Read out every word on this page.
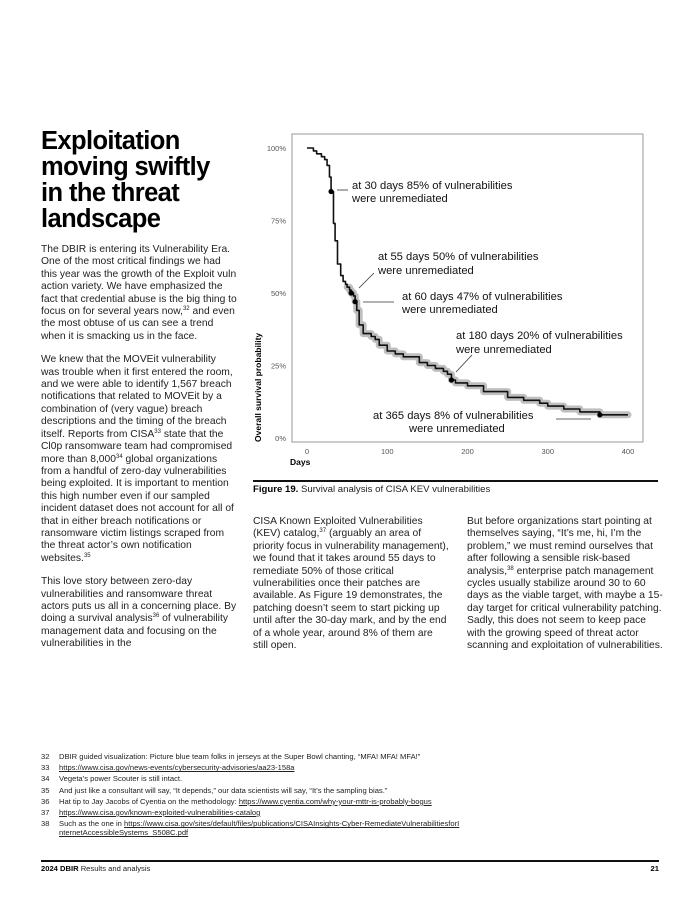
Exploitation
moving swiftly
in the threat
landscape

The DBIR is entering its Vulnerability Era. One of the most critical findings we had this year was the growth of the Exploit vuln action variety. We have emphasized the fact that credential abuse is the big thing to focus on for several years now,$^{32}$ and even the most obtuse of us can see a trend when it is smacking us in the face.

We knew that the MOVEit vulnerability was trouble when it first entered the room, and we were able to identify 1,567 breach notifications that related to MOVEit by a combination of (very vague) breach descriptions and the timing of the breach itself. Reports from CISA$^{33}$ state that the Cl0p ransomware team had compromised more than 8,000$^{34}$ global organizations from a handful of zero-day vulnerabilities being exploited. It is important to mention this high number even if our sampled incident dataset does not account for all of that in either breach notifications or ransomware victim listings scraped from the threat actor’s own notification websites.$^{35}$

This love story between zero-day vulnerabilities and ransomware threat actors puts us all in a concerning place. By doing a survival analysis$^{36}$ of vulnerability management data and focusing on the vulnerabilities in the

0%
25%
50%
75%
100%
0	100	200	300	400
Overall survival probability
Days
at 30 days 85% of vulnerabilities
were unremediated
at 55 days 50% of vulnerabilities
were unremediated
at 60 days 47% of vulnerabilities
were unremediated
at 180 days 20% of vulnerabilities
were unremediated
at 365 days 8% of vulnerabilities
were unremediated
Figure 19. Survival analysis of CISA KEV vulnerabilities

CISA Known Exploited Vulnerabilities (KEV) catalog,$^{37}$ (arguably an area of priority focus in vulnerability management), we found that it takes around 55 days to remediate 50% of those critical vulnerabilities once their patches are available. As Figure 19 demonstrates, the patching doesn’t seem to start picking up until after the 30-day mark, and by the end of a whole year, around 8% of them are still open.

But before organizations start pointing at themselves saying, “It’s me, hi, I’m the problem,” we must remind ourselves that after following a sensible risk-based analysis,$^{38}$ enterprise patch management cycles usually stabilize around 30 to 60 days as the viable target, with maybe a 15-day target for critical vulnerability patching. Sadly, this does not seem to keep pace with the growing speed of threat actor scanning and exploitation of vulnerabilities.

32	DBIR guided visualization: Picture blue team folks in jerseys at the Super Bowl chanting, “MFA! MFA! MFA!”
33	https://www.cisa.gov/news-events/cybersecurity-advisories/aa23-158a
34	Vegeta’s power Scouter is still intact.
35	And just like a consultant will say, “It depends,” our data scientists will say, “It’s the sampling bias.”
36	Hat tip to Jay Jacobs of Cyentia on the methodology: https://www.cyentia.com/why-your-mttr-is-probably-bogus
37	https://www.cisa.gov/known-exploited-vulnerabilities-catalog
38	Such as the one in https://www.cisa.gov/sites/default/files/publications/CISAInsights-Cyber-RemediateVulnerabilitiesforInternetAccessibleSystems_S508C.pdf
2024 DBIR Results and analysis	21
